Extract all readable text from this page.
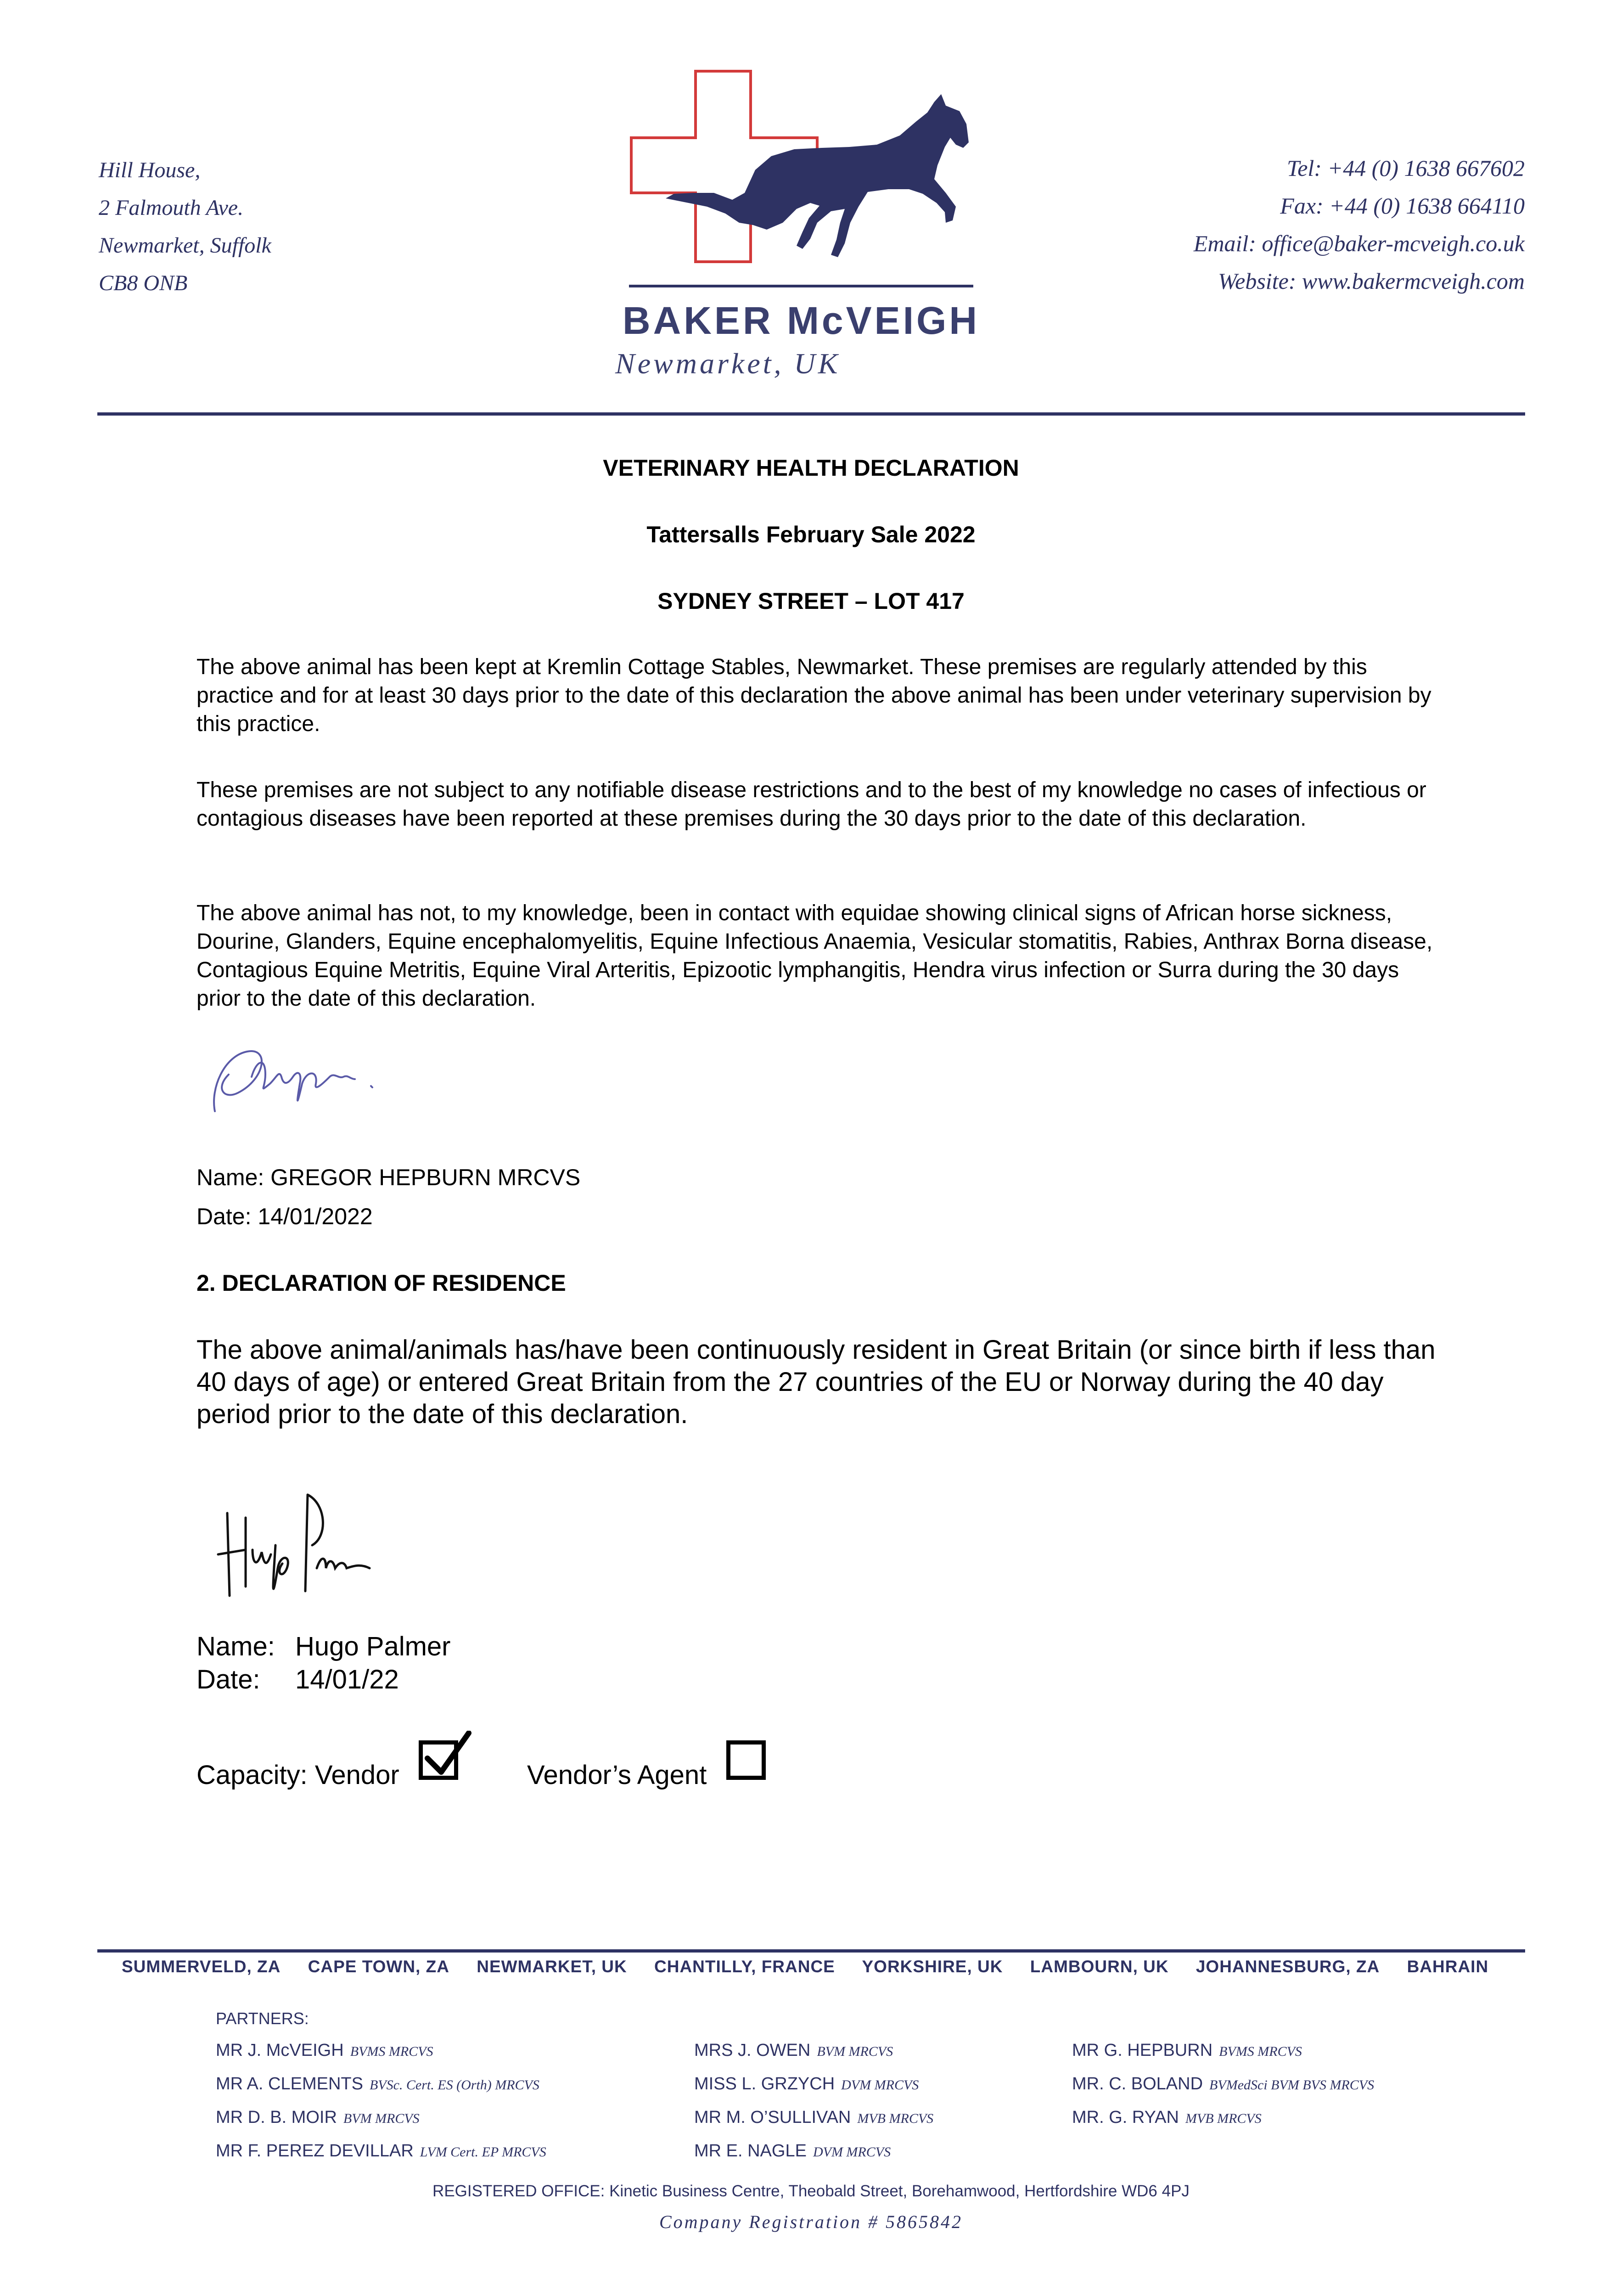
Hill House,
2 Falmouth Ave.
Newmarket, Suffolk
CB8 ONB
Tel: +44 (0) 1638 667602
Fax: +44 (0) 1638 664110
Email: office@baker-mcveigh.co.uk
Website: www.bakermcveigh.com
BAKER McVEIGH
Newmarket, UK
VETERINARY HEALTH DECLARATION
Tattersalls February Sale 2022
SYDNEY STREET – LOT 417
The above animal has been kept at Kremlin Cottage Stables, Newmarket. These premises are regularly attended by this practice and for at least 30 days prior to the date of this declaration the above animal has been under veterinary supervision by this practice.
These premises are not subject to any notifiable disease restrictions and to the best of my knowledge no cases of infectious or contagious diseases have been reported at these premises during the 30 days prior to the date of this declaration.
The above animal has not, to my knowledge, been in contact with equidae showing clinical signs of African horse sickness, Dourine, Glanders, Equine encephalomyelitis, Equine Infectious Anaemia, Vesicular stomatitis, Rabies, Anthrax Borna disease, Contagious Equine Metritis, Equine Viral Arteritis, Epizootic lymphangitis, Hendra virus infection or Surra during the 30 days prior to the date of this declaration.
Name: GREGOR HEPBURN MRCVS
Date: 14/01/2022
2. DECLARATION OF RESIDENCE
The above animal/animals has/have been continuously resident in Great Britain (or since birth if less than 40 days of age) or entered Great Britain from the 27 countries of the EU or Norway during the 40 day period prior to the date of this declaration.
Name: Hugo Palmer
Date: 14/01/22
Capacity: Vendor	Vendor’s Agent
SUMMERVELD, ZA CAPE TOWN, ZA NEWMARKET, UK CHANTILLY, FRANCE YORKSHIRE, UK LAMBOURN, UK JOHANNESBURG, ZA BAHRAIN
PARTNERS:
MR J. McVEIGH BVMS MRCVS
MR A. CLEMENTS BVSc. Cert. ES (Orth) MRCVS
MR D. B. MOIR BVM MRCVS
MR F. PEREZ DEVILLAR LVM Cert. EP MRCVS
MRS J. OWEN BVM MRCVS
MISS L. GRZYCH DVM MRCVS
MR M. O’SULLIVAN MVB MRCVS
MR E. NAGLE DVM MRCVS
MR G. HEPBURN BVMS MRCVS
MR. C. BOLAND BVMedSci BVM BVS MRCVS
MR. G. RYAN MVB MRCVS
REGISTERED OFFICE: Kinetic Business Centre, Theobald Street, Borehamwood, Hertfordshire WD6 4PJ
Company Registration # 5865842
